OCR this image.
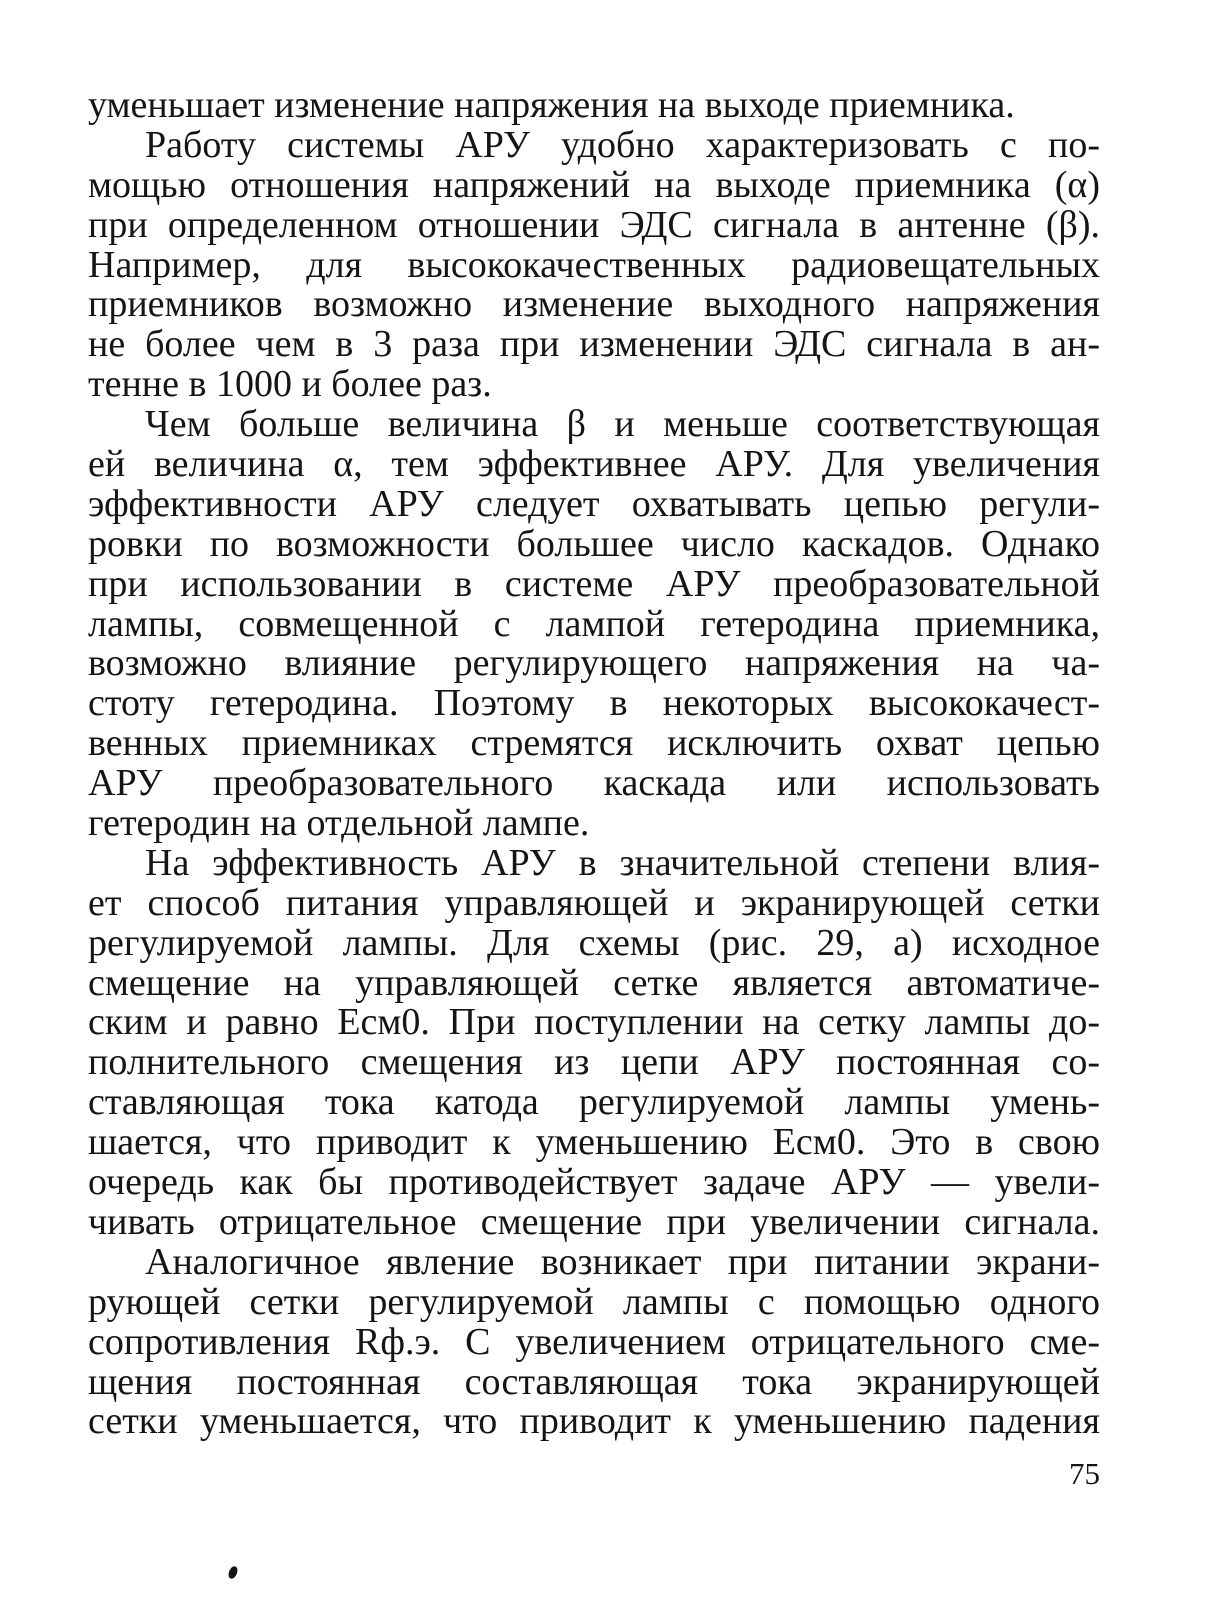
уменьшает изменение напряжения на выходе приемника.
Работу системы АРУ удобно характеризовать с по-
мощью отношения напряжений на выходе приемника (α)
при определенном отношении ЭДС сигнала в антенне (β).
Например, для высококачественных радиовещательных
приемников возможно изменение выходного напряжения
не более чем в 3 раза при изменении ЭДС сигнала в ан-
тенне в 1000 и более раз.
Чем больше величина β и меньше соответствующая
ей величина α, тем эффективнее АРУ. Для увеличения
эффективности АРУ следует охватывать цепью регули-
ровки по возможности большее число каскадов. Однако
при использовании в системе АРУ преобразовательной
лампы, совмещенной с лампой гетеродина приемника,
возможно влияние регулирующего напряжения на ча-
стоту гетеродина. Поэтому в некоторых высококачест-
венных приемниках стремятся исключить охват цепью
АРУ преобразовательного каскада или использовать
гетеродин на отдельной лампе.
На эффективность АРУ в значительной степени влия-
ет способ питания управляющей и экранирующей сетки
регулируемой лампы. Для схемы (рис. 29, а) исходное
смещение на управляющей сетке является автоматиче-
ским и равно Eсм0. При поступлении на сетку лампы до-
полнительного смещения из цепи АРУ постоянная со-
ставляющая тока катода регулируемой лампы умень-
шается, что приводит к уменьшению Eсм0. Это в свою
очередь как бы противодействует задаче АРУ — увели-
чивать отрицательное смещение при увеличении сигнала.
Аналогичное явление возникает при питании экрани-
рующей сетки регулируемой лампы с помощью одного
сопротивления Rф.э. С увеличением отрицательного сме-
щения постоянная составляющая тока экранирующей
сетки уменьшается, что приводит к уменьшению падения
75
